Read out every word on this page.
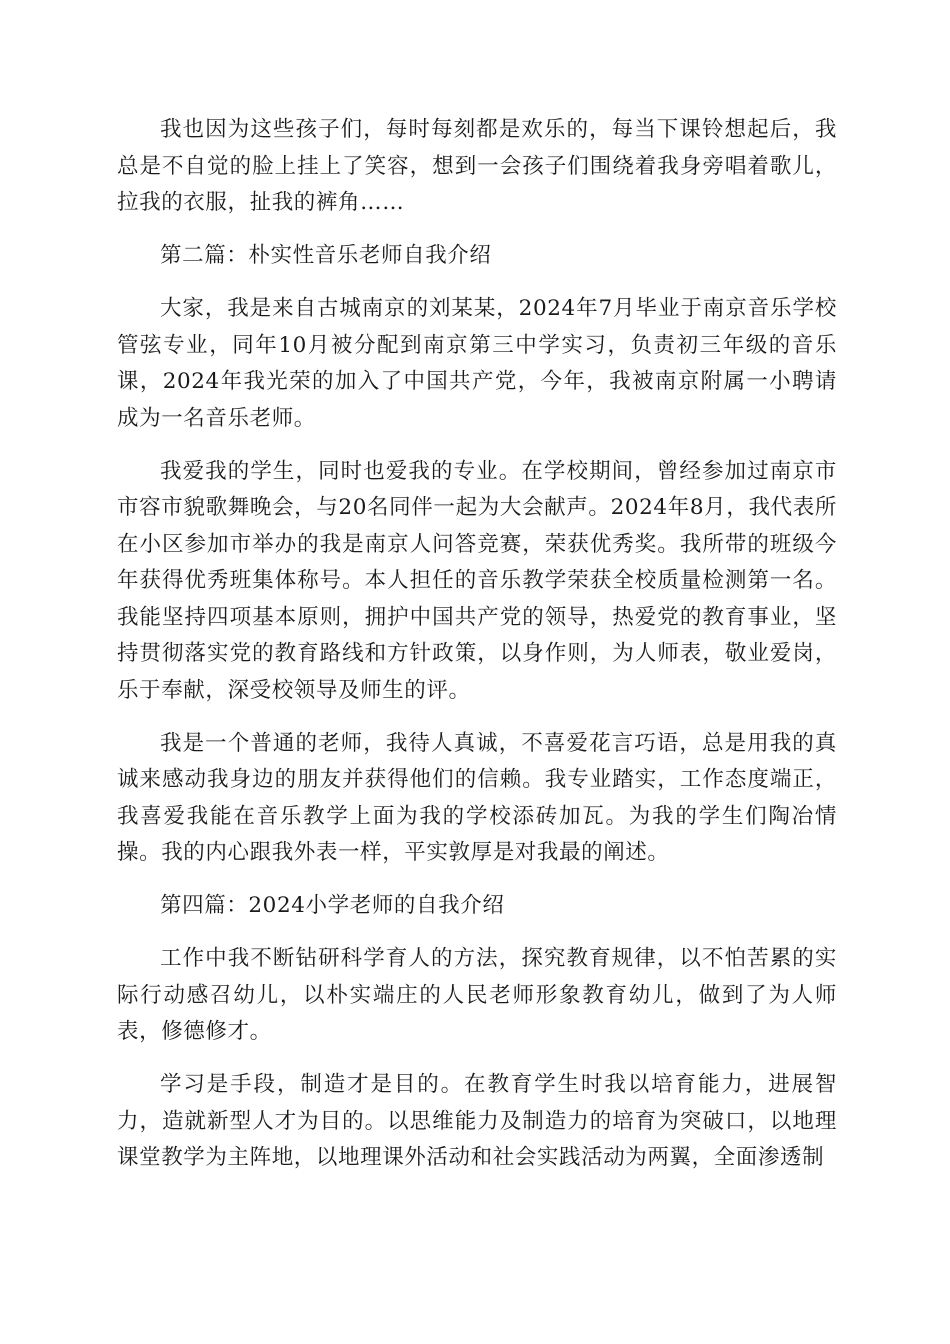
我也因为这些孩子们，每时每刻都是欢乐的，每当下课铃想起后，我总是不自觉的脸上挂上了笑容，想到一会孩子们围绕着我身旁唱着歌儿，拉我的衣服，扯我的裤角……

第二篇：朴实性音乐老师自我介绍

大家，我是来自古城南京的刘某某，2024年7月毕业于南京音乐学校管弦专业，同年10月被分配到南京第三中学实习，负责初三年级的音乐课，2024年我光荣的加入了中国共产党，今年，我被南京附属一小聘请成为一名音乐老师。

我爱我的学生，同时也爱我的专业。在学校期间，曾经参加过南京市市容市貌歌舞晚会，与20名同伴一起为大会献声。2024年8月，我代表所在小区参加市举办的我是南京人问答竞赛，荣获优秀奖。我所带的班级今年获得优秀班集体称号。本人担任的音乐教学荣获全校质量检测第一名。我能坚持四项基本原则，拥护中国共产党的领导，热爱党的教育事业，坚持贯彻落实党的教育路线和方针政策，以身作则，为人师表，敬业爱岗，乐于奉献，深受校领导及师生的评。

我是一个普通的老师，我待人真诚，不喜爱花言巧语，总是用我的真诚来感动我身边的朋友并获得他们的信赖。我专业踏实，工作态度端正，我喜爱我能在音乐教学上面为我的学校添砖加瓦。为我的学生们陶冶情操。我的内心跟我外表一样，平实敦厚是对我最的阐述。

第四篇：2024小学老师的自我介绍

工作中我不断钻研科学育人的方法，探究教育规律，以不怕苦累的实际行动感召幼儿，以朴实端庄的人民老师形象教育幼儿，做到了为人师表，修德修才。

学习是手段，制造才是目的。在教育学生时我以培育能力，进展智力，造就新型人才为目的。以思维能力及制造力的培育为突破口，以地理课堂教学为主阵地，以地理课外活动和社会实践活动为两翼，全面渗透制
